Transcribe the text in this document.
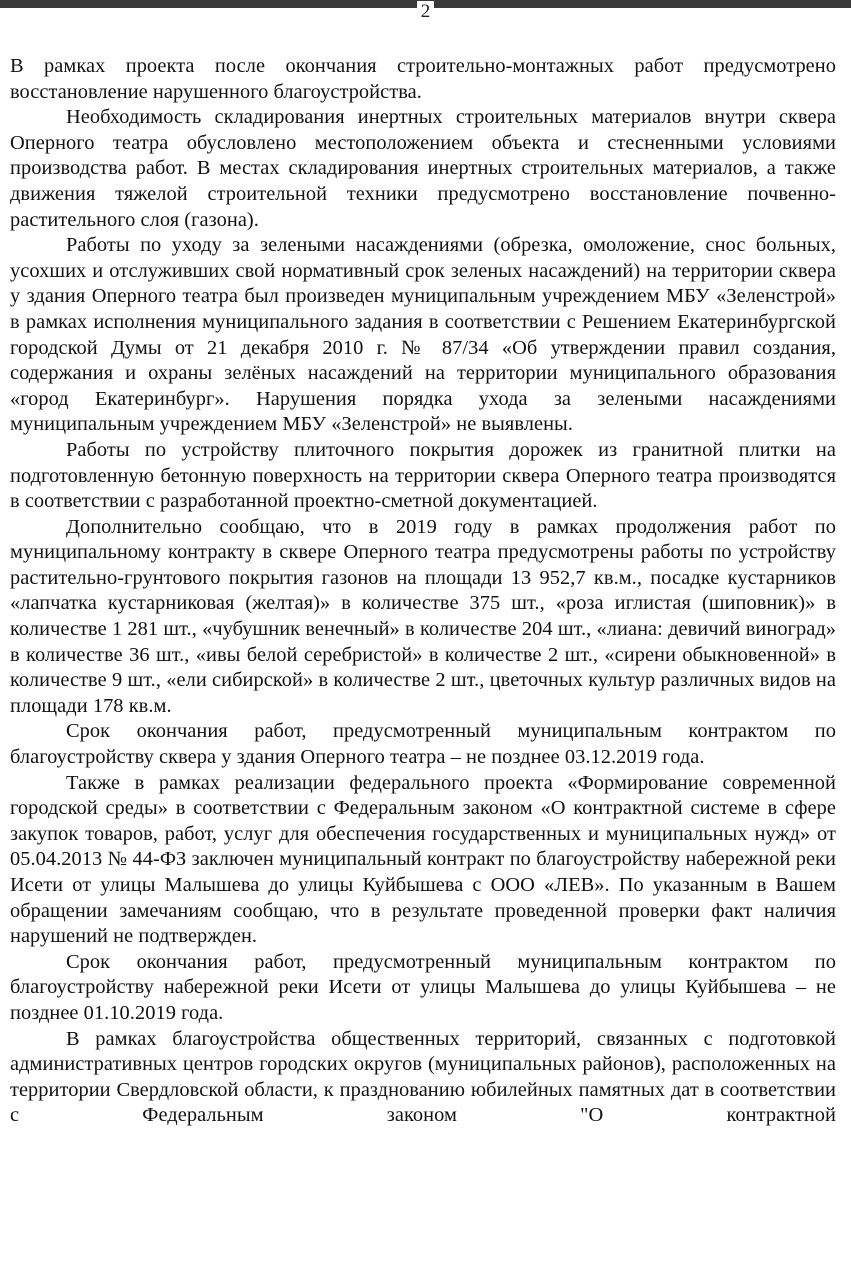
2

В рамках проекта после окончания строительно-монтажных работ предусмотрено восстановление нарушенного благоустройства.

Необходимость складирования инертных строительных материалов внутри сквера Оперного театра обусловлено местоположением объекта и стесненными условиями производства работ. В местах складирования инертных строительных материалов, а также движения тяжелой строительной техники предусмотрено восстановление почвенно-растительного слоя (газона).

Работы по уходу за зелеными насаждениями (обрезка, омоложение, снос больных, усохших и отслуживших свой нормативный срок зеленых насаждений) на территории сквера у здания Оперного театра был произведен муниципальным учреждением МБУ «Зеленстрой» в рамках исполнения муниципального задания в соответствии с Решением Екатеринбургской городской Думы от 21 декабря 2010 г. № 87/34 «Об утверждении правил создания, содержания и охраны зелёных насаждений на территории муниципального образования «город Екатеринбург». Нарушения порядка ухода за зелеными насаждениями муниципальным учреждением МБУ «Зеленстрой» не выявлены.

Работы по устройству плиточного покрытия дорожек из гранитной плитки на подготовленную бетонную поверхность на территории сквера Оперного театра производятся в соответствии с разработанной проектно-сметной документацией.

Дополнительно сообщаю, что в 2019 году в рамках продолжения работ по муниципальному контракту в сквере Оперного театра предусмотрены работы по устройству растительно-грунтового покрытия газонов на площади 13 952,7 кв.м., посадке кустарников «лапчатка кустарниковая (желтая)» в количестве 375 шт., «роза иглистая (шиповник)» в количестве 1 281 шт., «чубушник венечный» в количестве 204 шт., «лиана: девичий виноград» в количестве 36 шт., «ивы белой серебристой» в количестве 2 шт., «сирени обыкновенной» в количестве 9 шт., «ели сибирской» в количестве 2 шт., цветочных культур различных видов на площади 178 кв.м.

Срок окончания работ, предусмотренный муниципальным контрактом по благоустройству сквера у здания Оперного театра – не позднее 03.12.2019 года.

Также в рамках реализации федерального проекта «Формирование современной городской среды» в соответствии с Федеральным законом «О контрактной системе в сфере закупок товаров, работ, услуг для обеспечения государственных и муниципальных нужд» от 05.04.2013 № 44-ФЗ заключен муниципальный контракт по благоустройству набережной реки Исети от улицы Малышева до улицы Куйбышева с ООО «ЛЕВ». По указанным в Вашем обращении замечаниям сообщаю, что в результате проведенной проверки факт наличия нарушений не подтвержден.

Срок окончания работ, предусмотренный муниципальным контрактом по благоустройству набережной реки Исети от улицы Малышева до улицы Куйбышева – не позднее 01.10.2019 года.

В рамках благоустройства общественных территорий, связанных с подготовкой административных центров городских округов (муниципальных районов), расположенных на территории Свердловской области, к празднованию юбилейных памятных дат в соответствии с Федеральным законом "О контрактной
